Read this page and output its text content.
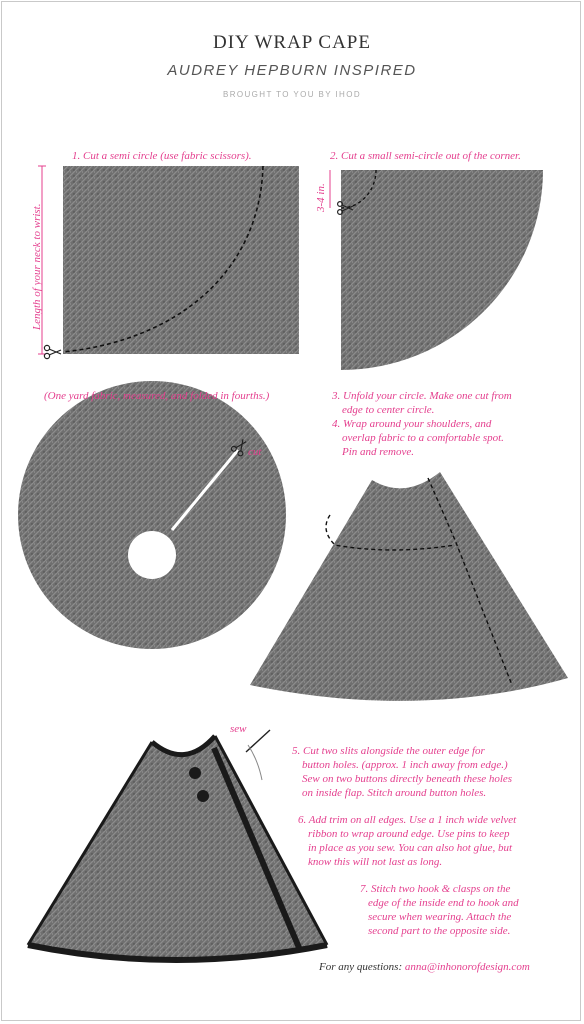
DIY WRAP CAPE
AUDREY HEPBURN INSPIRED
BROUGHT TO YOU BY IHOD
1. Cut a semi circle (use fabric scissors).
Length of your neck to wrist.
(One yard fabric, measured, and folded in fourths.)
2. Cut a small semi-circle out of the corner.
3-4 in.
3. Unfold your circle. Make one cut from
edge to center circle.
4. Wrap around your shoulders, and
overlap fabric to a comfortable spot.
Pin and remove.
cut
sew
5. Cut two slits alongside the outer edge for
button holes. (approx. 1 inch away from edge.)
Sew on two buttons directly beneath these holes
on inside flap. Stitch around button holes.
6. Add trim on all edges. Use a 1 inch wide velvet
ribbon to wrap around edge. Use pins to keep
in place as you sew. You can also hot glue, but
know this will not last as long.
7. Stitch two hook & clasps on the
edge of the inside end to hook and
secure when wearing. Attach the
second part to the opposite side.
For any questions: anna@inhonorofdesign.com
